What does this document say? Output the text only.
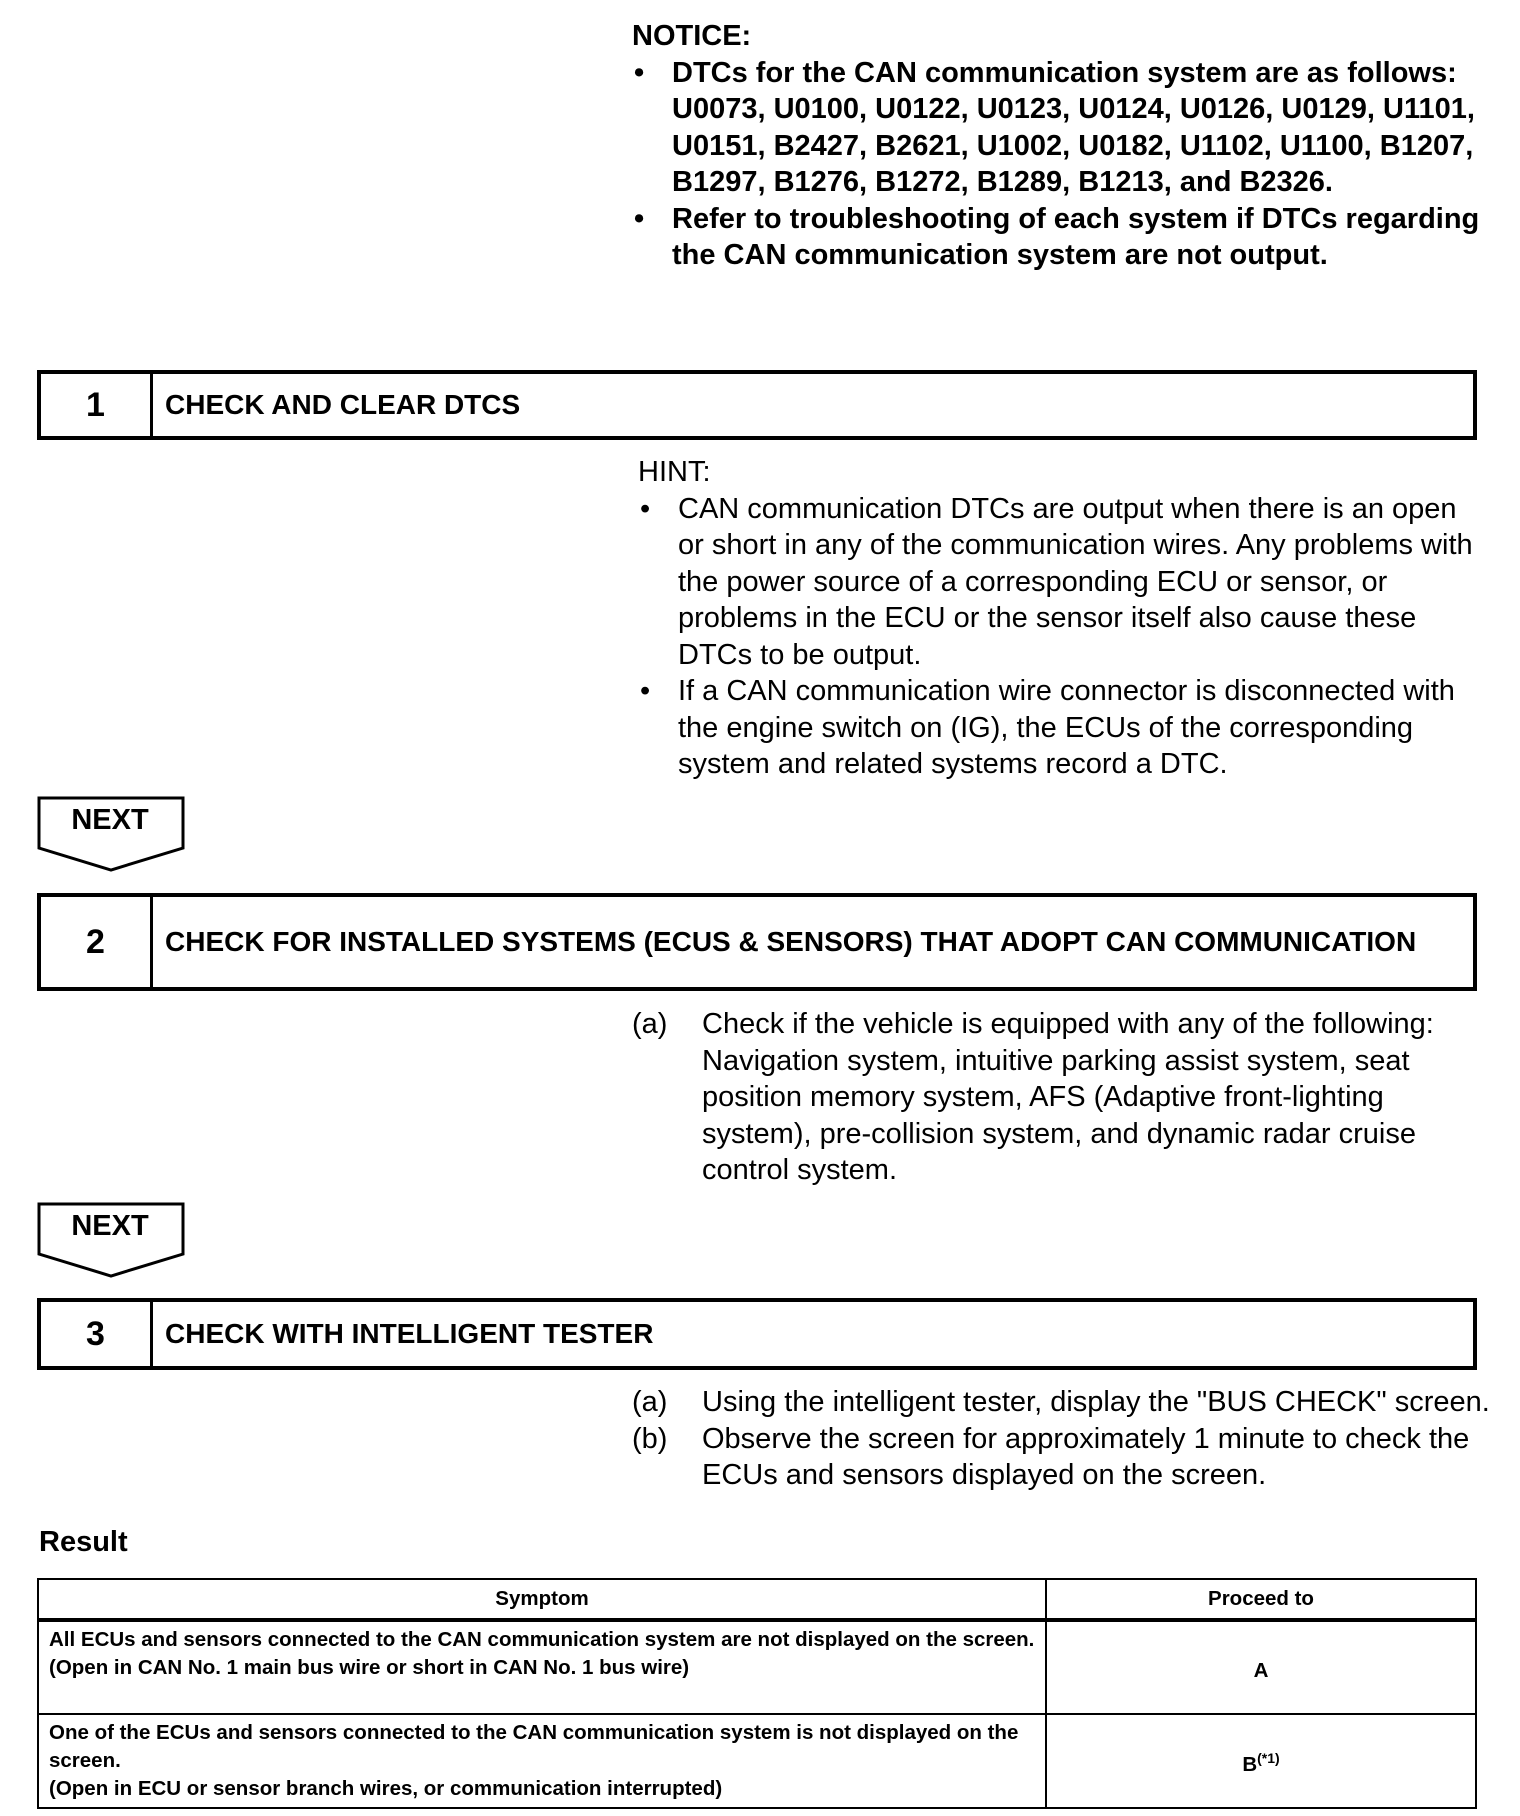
NOTICE:
• DTCs for the CAN communication system are as follows: U0073, U0100, U0122, U0123, U0124, U0126, U0129, U1101, U0151, B2427, B2621, U1002, U0182, U1102, U1100, B1207, B1297, B1276, B1272, B1289, B1213, and B2326.
• Refer to troubleshooting of each system if DTCs regarding the CAN communication system are not output.
1	CHECK AND CLEAR DTCS
HINT:
• CAN communication DTCs are output when there is an open or short in any of the communication wires. Any problems with the power source of a corresponding ECU or sensor, or problems in the ECU or the sensor itself also cause these DTCs to be output.
• If a CAN communication wire connector is disconnected with the engine switch on (IG), the ECUs of the corresponding system and related systems record a DTC.
NEXT
2	CHECK FOR INSTALLED SYSTEMS (ECUS & SENSORS) THAT ADOPT CAN COMMUNICATION
(a)	Check if the vehicle is equipped with any of the following: Navigation system, intuitive parking assist system, seat position memory system, AFS (Adaptive front-lighting system), pre-collision system, and dynamic radar cruise control system.
NEXT
3	CHECK WITH INTELLIGENT TESTER
(a)	Using the intelligent tester, display the "BUS CHECK" screen.
(b)	Observe the screen for approximately 1 minute to check the ECUs and sensors displayed on the screen.
Result
Symptom	Proceed to

All ECUs and sensors connected to the CAN communication system are not displayed on the screen.
(Open in CAN No. 1 main bus wire or short in CAN No. 1 bus wire)	A

One of the ECUs and sensors connected to the CAN communication system is not displayed on the screen.
(Open in ECU or sensor branch wires, or communication interrupted)	$B^{(*1)}$
